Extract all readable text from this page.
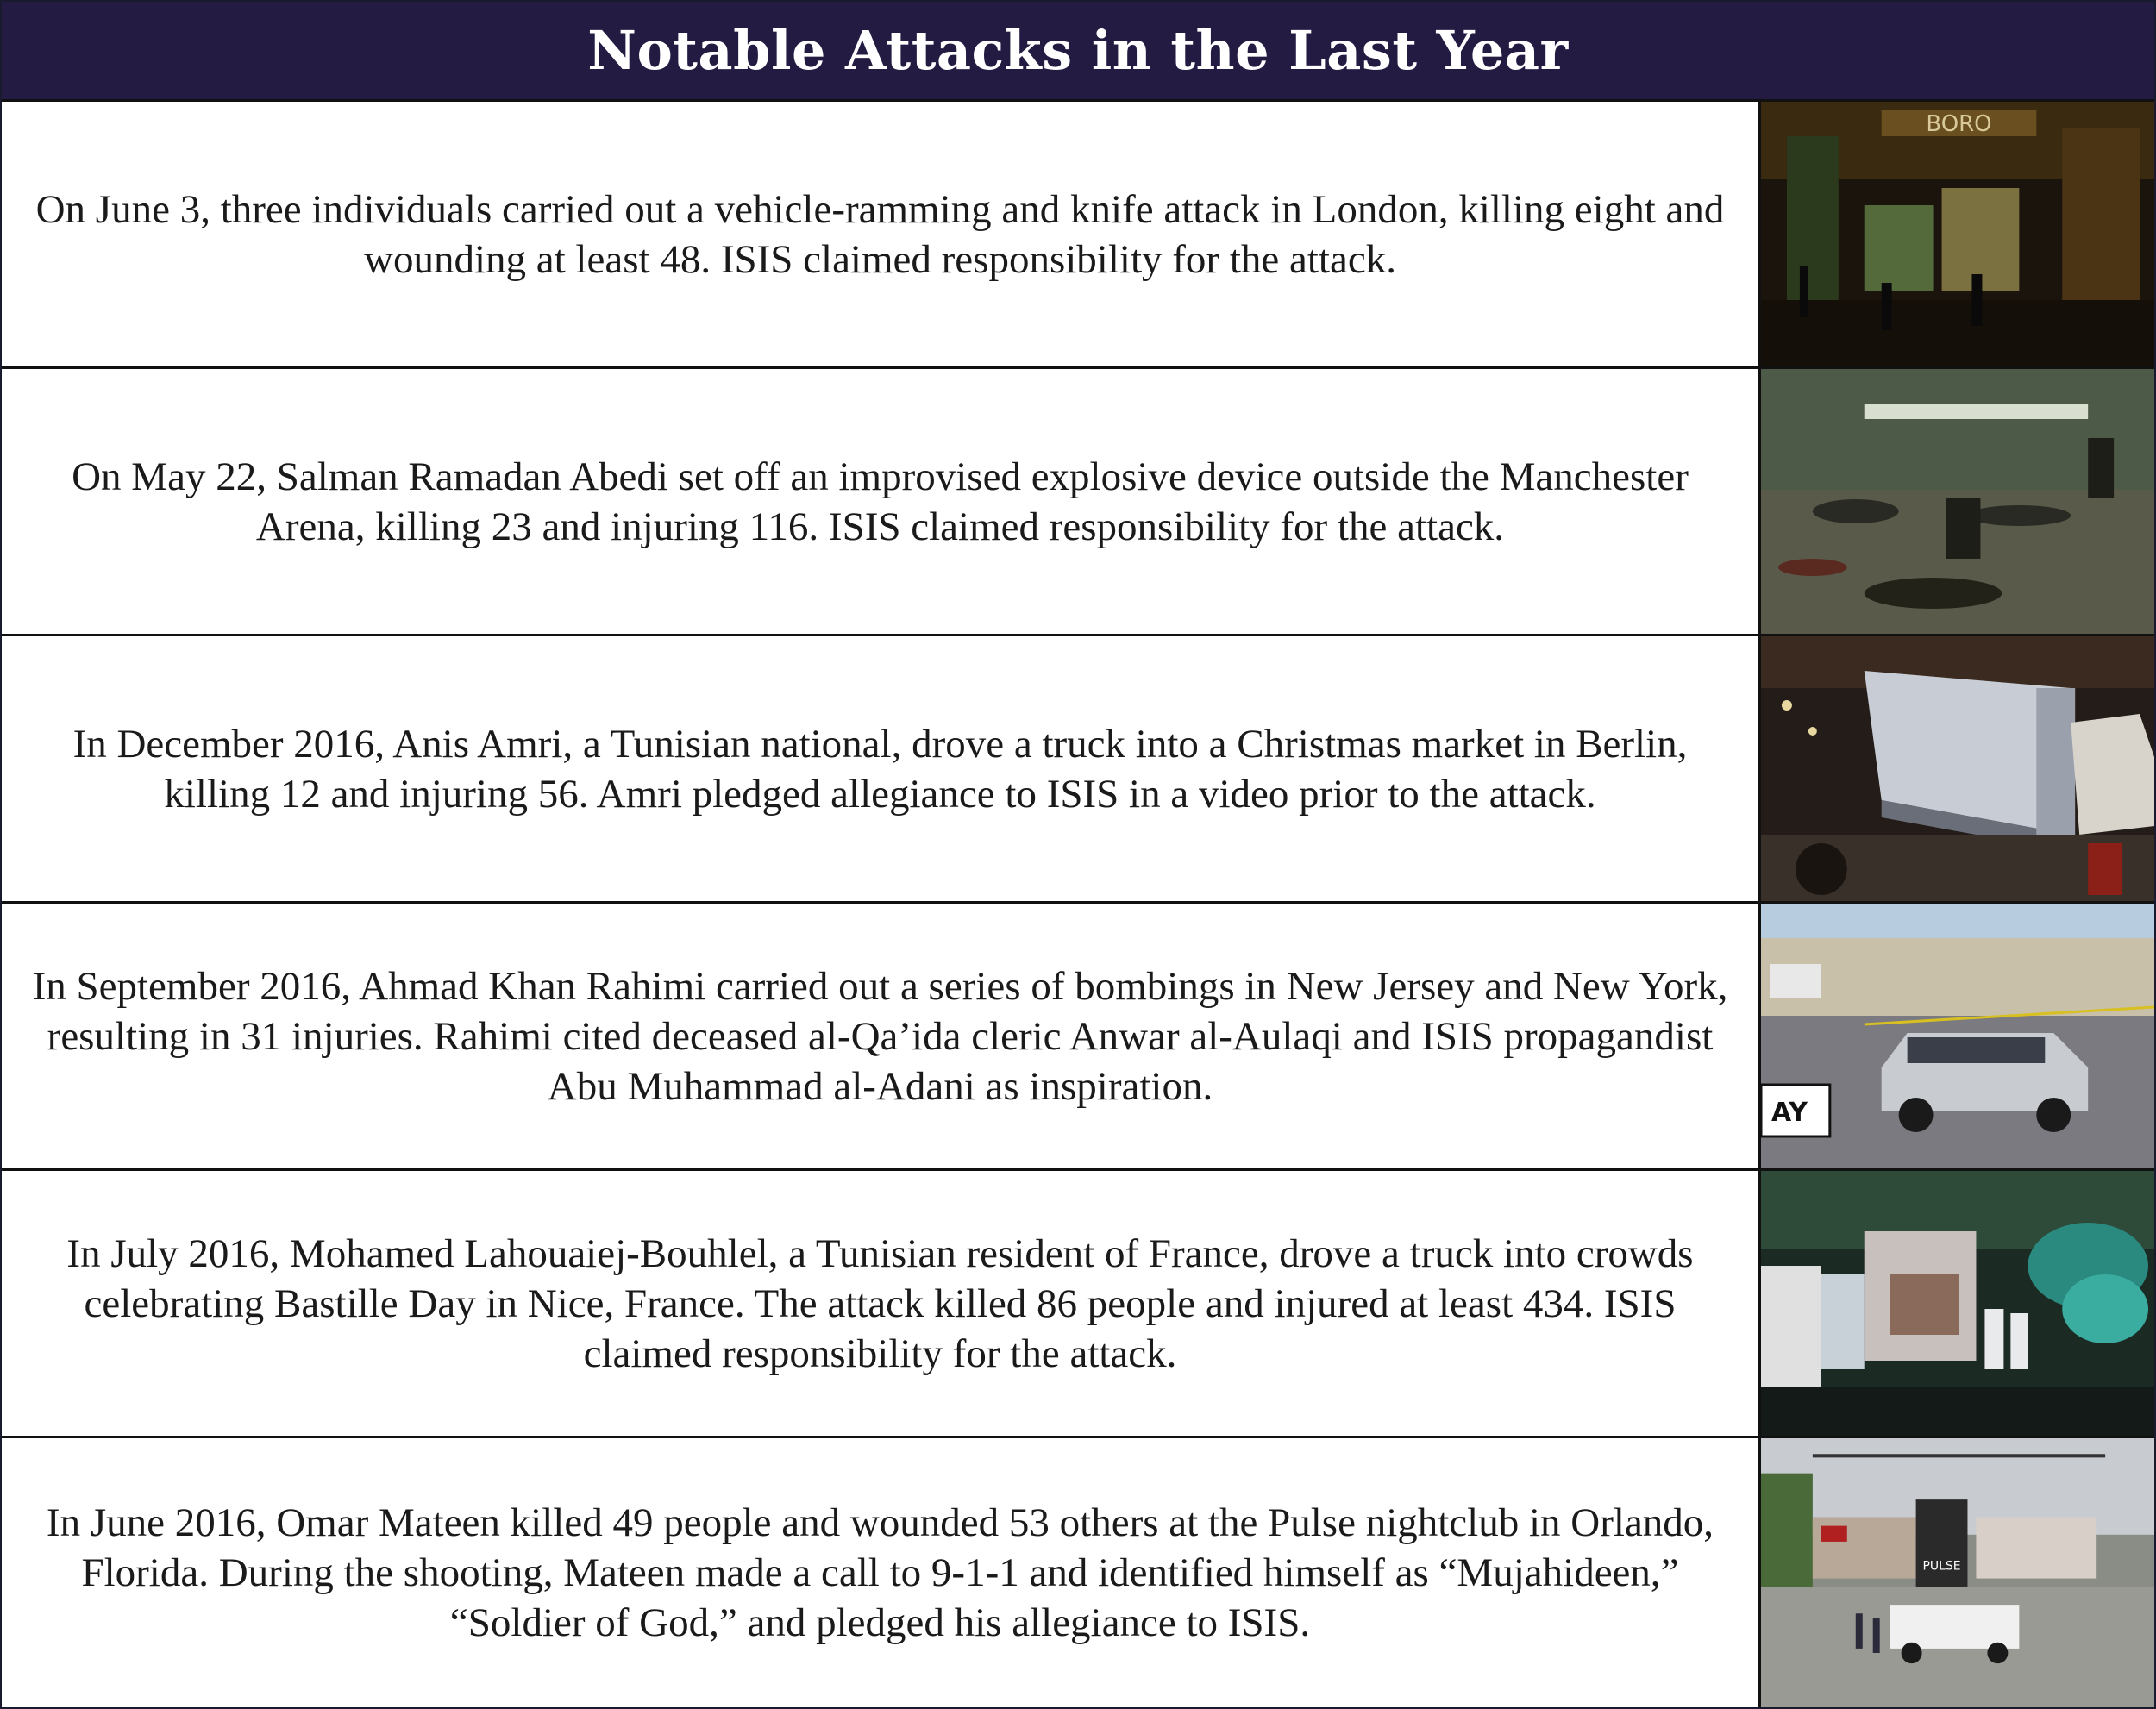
Notable Attacks in the Last Year
On June 3, three individuals carried out a vehicle-ramming and knife attack in London, killing eight and wounding at least 48. ISIS claimed responsibility for the attack.
BORO
On May 22, Salman Ramadan Abedi set off an improvised explosive device outside the Manchester Arena, killing 23 and injuring 116. ISIS claimed responsibility for the attack.
In December 2016, Anis Amri, a Tunisian national, drove a truck into a Christmas market in Berlin, killing 12 and injuring 56. Amri pledged allegiance to ISIS in a video prior to the attack.
In September 2016, Ahmad Khan Rahimi carried out a series of bombings in New Jersey and New York, resulting in 31 injuries. Rahimi cited deceased al-Qa’ida cleric Anwar al-Aulaqi and ISIS propagandist Abu Muhammad al-Adani as inspiration.
AY
In July 2016, Mohamed Lahouaiej-Bouhlel, a Tunisian resident of France, drove a truck into crowds celebrating Bastille Day in Nice, France. The attack killed 86 people and injured at least 434. ISIS claimed responsibility for the attack.
In June 2016, Omar Mateen killed 49 people and wounded 53 others at the Pulse nightclub in Orlando, Florida. During the shooting, Mateen made a call to 9-1-1 and identified himself as “Mujahideen,” “Soldier of God,” and pledged his allegiance to ISIS.
PULSE
